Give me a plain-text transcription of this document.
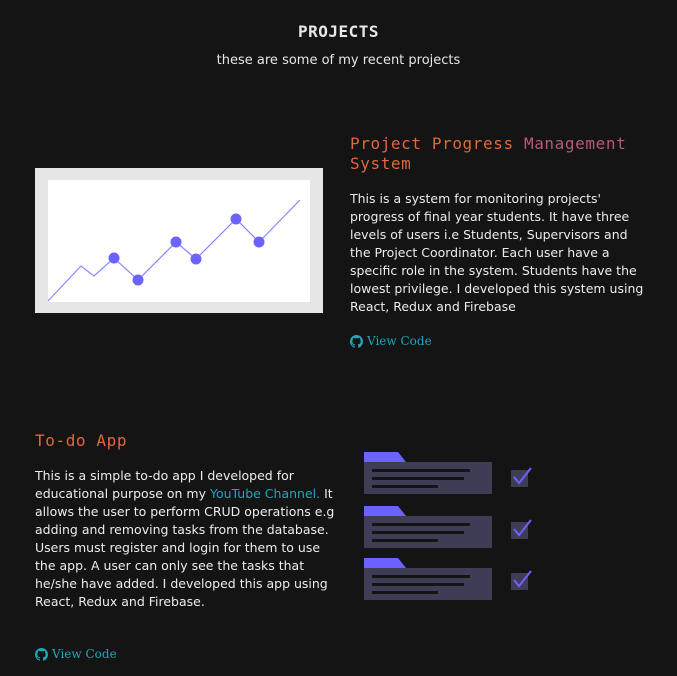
PROJECTS
these are some of my recent projects
Project Progress Management
System
This is a system for monitoring projects' progress of final year students. It have three levels of users i.e Students, Supervisors and the Project Coordinator. Each user have a specific role in the system. Students have the lowest privilege. I developed this system using React, Redux and Firebase
View Code
To-do App
This is a simple to-do app I developed for educational purpose on my YouTube Channel. It allows the user to perform CRUD operations e.g adding and removing tasks from the database. Users must register and login for them to use the app. A user can only see the tasks that he/she have added. I developed this app using React, Redux and Firebase.
View Code
